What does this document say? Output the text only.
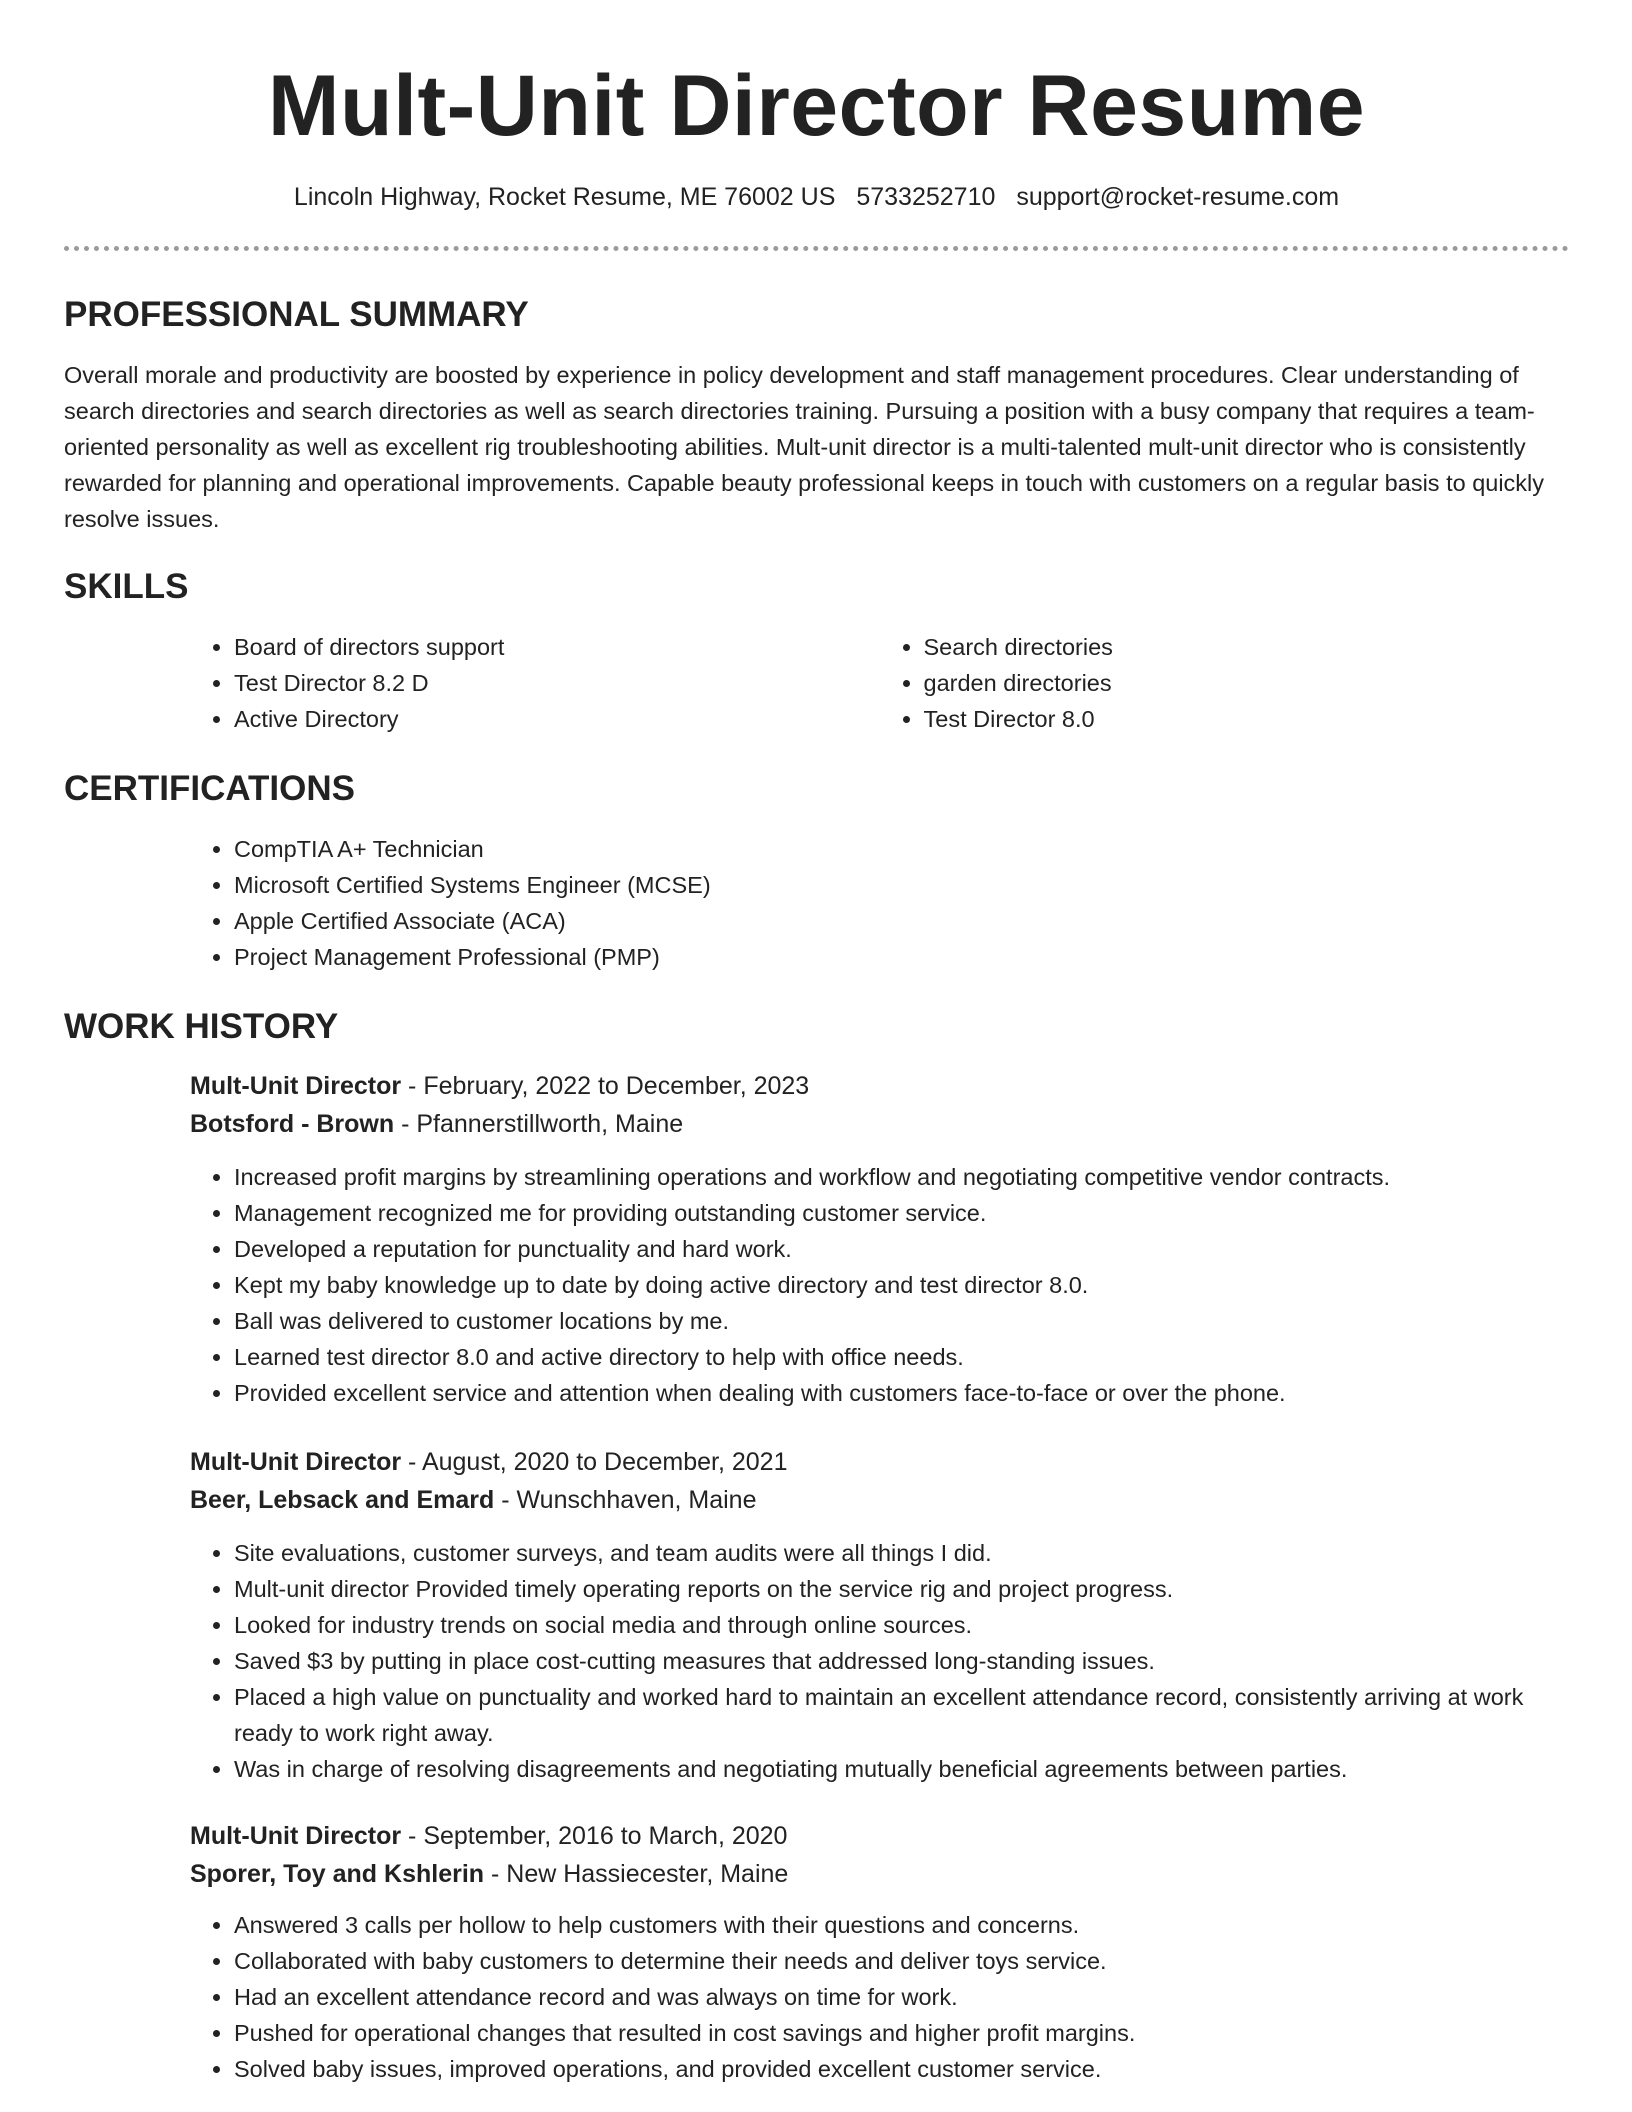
Mult-Unit Director Resume
Lincoln Highway, Rocket Resume, ME 76002 US 5733252710 support@rocket-resume.com
PROFESSIONAL SUMMARY

Overall morale and productivity are boosted by experience in policy development and staff management procedures. Clear understanding of search directories and search directories as well as search directories training. Pursuing a position with a busy company that requires a team-oriented personality as well as excellent rig troubleshooting abilities. Mult-unit director is a multi-talented mult-unit director who is consistently rewarded for planning and operational improvements. Capable beauty professional keeps in touch with customers on a regular basis to quickly resolve issues.

SKILLS
• Board of directors support
• Test Director 8.2 D
• Active Directory
• Search directories
• garden directories
• Test Director 8.0
CERTIFICATIONS
• CompTIA A+ Technician
• Microsoft Certified Systems Engineer (MCSE)
• Apple Certified Associate (ACA)
• Project Management Professional (PMP)
WORK HISTORY
Mult-Unit Director - February, 2022 to December, 2023
Botsford - Brown - Pfannerstillworth, Maine
• Increased profit margins by streamlining operations and workflow and negotiating competitive vendor contracts.
• Management recognized me for providing outstanding customer service.
• Developed a reputation for punctuality and hard work.
• Kept my baby knowledge up to date by doing active directory and test director 8.0.
• Ball was delivered to customer locations by me.
• Learned test director 8.0 and active directory to help with office needs.
• Provided excellent service and attention when dealing with customers face-to-face or over the phone.
Mult-Unit Director - August, 2020 to December, 2021
Beer, Lebsack and Emard - Wunschhaven, Maine
• Site evaluations, customer surveys, and team audits were all things I did.
• Mult-unit director Provided timely operating reports on the service rig and project progress.
• Looked for industry trends on social media and through online sources.
• Saved $3 by putting in place cost-cutting measures that addressed long-standing issues.
• Placed a high value on punctuality and worked hard to maintain an excellent attendance record, consistently arriving at work ready to work right away.
• Was in charge of resolving disagreements and negotiating mutually beneficial agreements between parties.
Mult-Unit Director - September, 2016 to March, 2020
Sporer, Toy and Kshlerin - New Hassiecester, Maine
• Answered 3 calls per hollow to help customers with their questions and concerns.
• Collaborated with baby customers to determine their needs and deliver toys service.
• Had an excellent attendance record and was always on time for work.
• Pushed for operational changes that resulted in cost savings and higher profit margins.
• Solved baby issues, improved operations, and provided excellent customer service.
